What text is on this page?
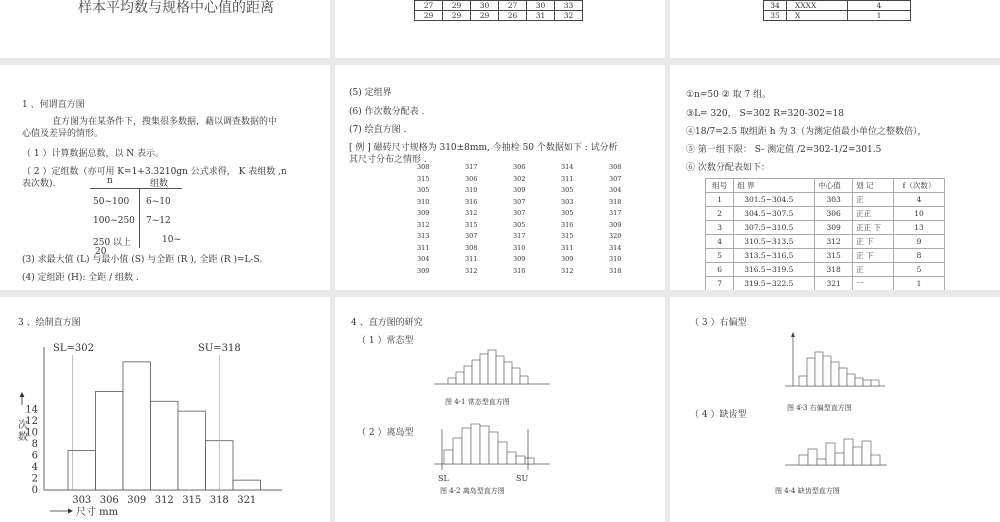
样本平均数与规格中心值的距离	27	29	30	27	30	33
29	29	29	26	31	32
34	XXXX	4
35	X	1
1 、何谓直方图
直方图为在某条件下，搜集很多数据，藉以调查数据的中
心值及差异的情形。
（ 1 ）计算数据总数，以 N 表示。
（ 2 ）定组数（亦可用 K=1+3.3210gn 公式求得， K 表组数 ,n
表次数).	n	组数
50~100 6~10
100~250 7~12
250 以上	10~
20
(3) 求最大值 (L) 与最小值 (S) 与全距 (R ), 全距 (R )=L-S.
(4) 定组距 (H): 全距 / 组数 .
(5) 定组界
(6) 作次数分配表 .
(7) 绘直方图 .
[ 例 ] 磁砖尺寸规格为 310±8mm, 今抽检 50 个数据如下 : 试分析
其尺寸分布之情形 .
308	317	306	314	308
315	306	302	311	307
305	310	309	305	304
310	316	307	303	318
309	312	307	305	317
312	315	305	316	309
313	307	317	315	320
311	308	310	311	314
304	311	309	309	310
309	312	316	312	318
①n=50 ② 取 7 组。
③L= 320， S=302 R=320-302=18
④18/7=2.5 取组距 h 为 3（为测定值最小单位之整数倍），
⑤ 第一组下限： S- 测定值 /2=302-1/2=301.5
⑥ 次数分配表如下：
组号	组 界	中心值	划 记	f（次数）
1	301.5~304.5	303	正	4
2	304.5~307.5	306	正正	10
3	307.5~310.5	309	正正 下	13
4	310.5~313.5	312	正 下	9
5	313.5~316.5	315	正 下	8
6	316.5~319.5	318	正	5
7	319.5~322.5	321	一	1
3 、绘制直方图
0
2
4
6
8
10
12
14
303 306 309 312 315 318 321
SL=302	SU=318
次
数
尺寸 mm
4 、直方图的研究
（ 1 ）常态型
图 4-1 常态型直方图
（ 2 ）离岛型
SL	SU
图 4-2 离岛型直方图
（ 3 ）右偏型
图 4-3 右偏型直方图
（ 4 ）缺齿型
图 4-4 缺齿型直方图
